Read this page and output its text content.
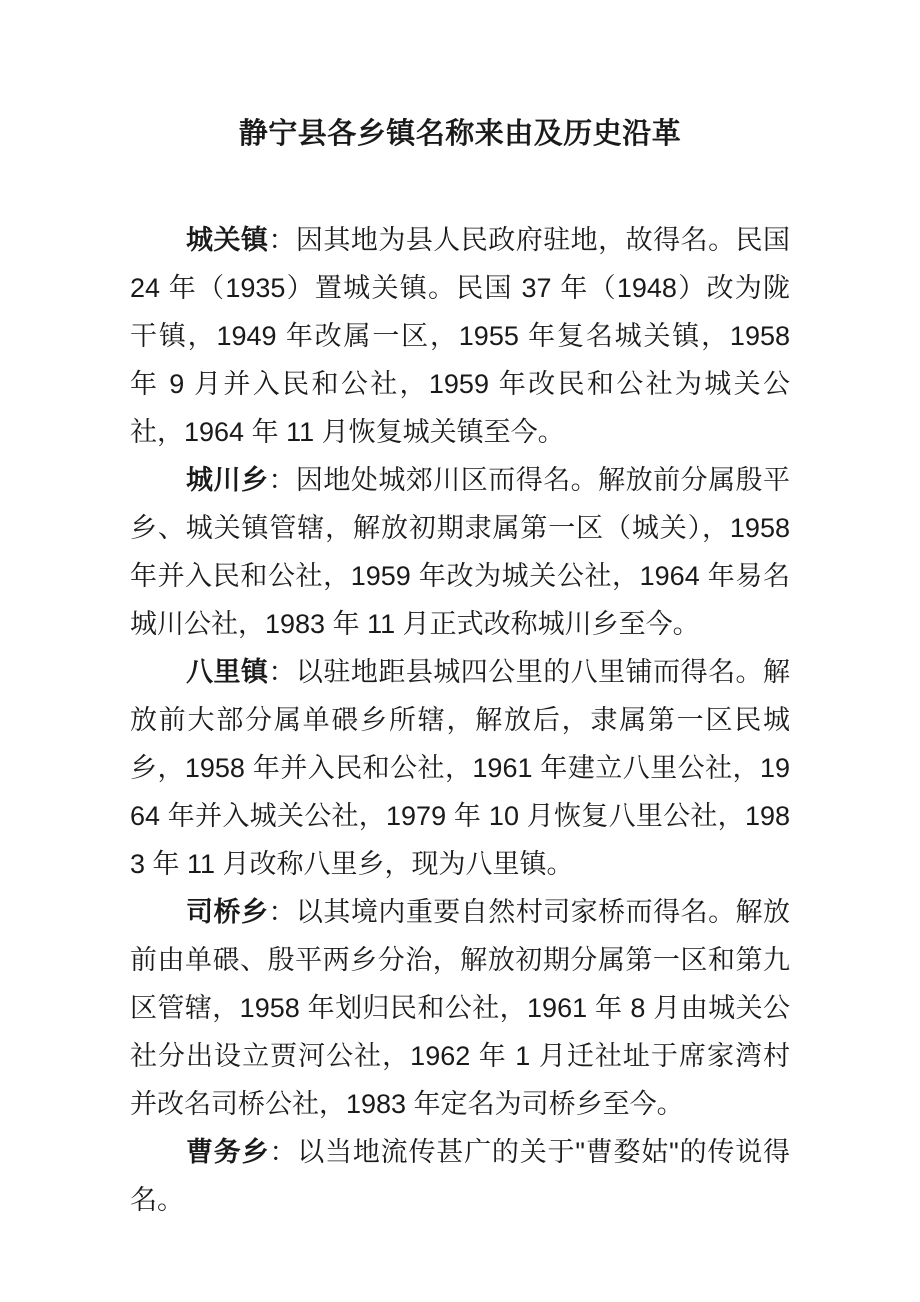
静宁县各乡镇名称来由及历史沿革

城关镇：因其地为县人民政府驻地，故得名。民国 24 年（1935）置城关镇。民国 37 年（1948）改为陇干镇，1949 年改属一区，1955 年复名城关镇，1958 年 9 月并入民和公社，1959 年改民和公社为城关公社，1964 年 11 月恢复城关镇至今。

城川乡：因地处城郊川区而得名。解放前分属殷平乡、城关镇管辖，解放初期隶属第一区（城关），1958 年并入民和公社，1959 年改为城关公社，1964 年易名城川公社，1983 年 11 月正式改称城川乡至今。

八里镇：以驻地距县城四公里的八里铺而得名。解放前大部分属单碨乡所辖，解放后，隶属第一区民城乡，1958 年并入民和公社，1961 年建立八里公社，1964 年并入城关公社，1979 年 10 月恢复八里公社，1983 年 11 月改称八里乡，现为八里镇。

司桥乡：以其境内重要自然村司家桥而得名。解放前由单碨、殷平两乡分治，解放初期分属第一区和第九区管辖，1958 年划归民和公社，1961 年 8 月由城关公社分出设立贾河公社，1962 年 1 月迁社址于席家湾村并改名司桥公社，1983 年定名为司桥乡至今。

曹务乡：以当地流传甚广的关于"曹婺姑"的传说得名。
